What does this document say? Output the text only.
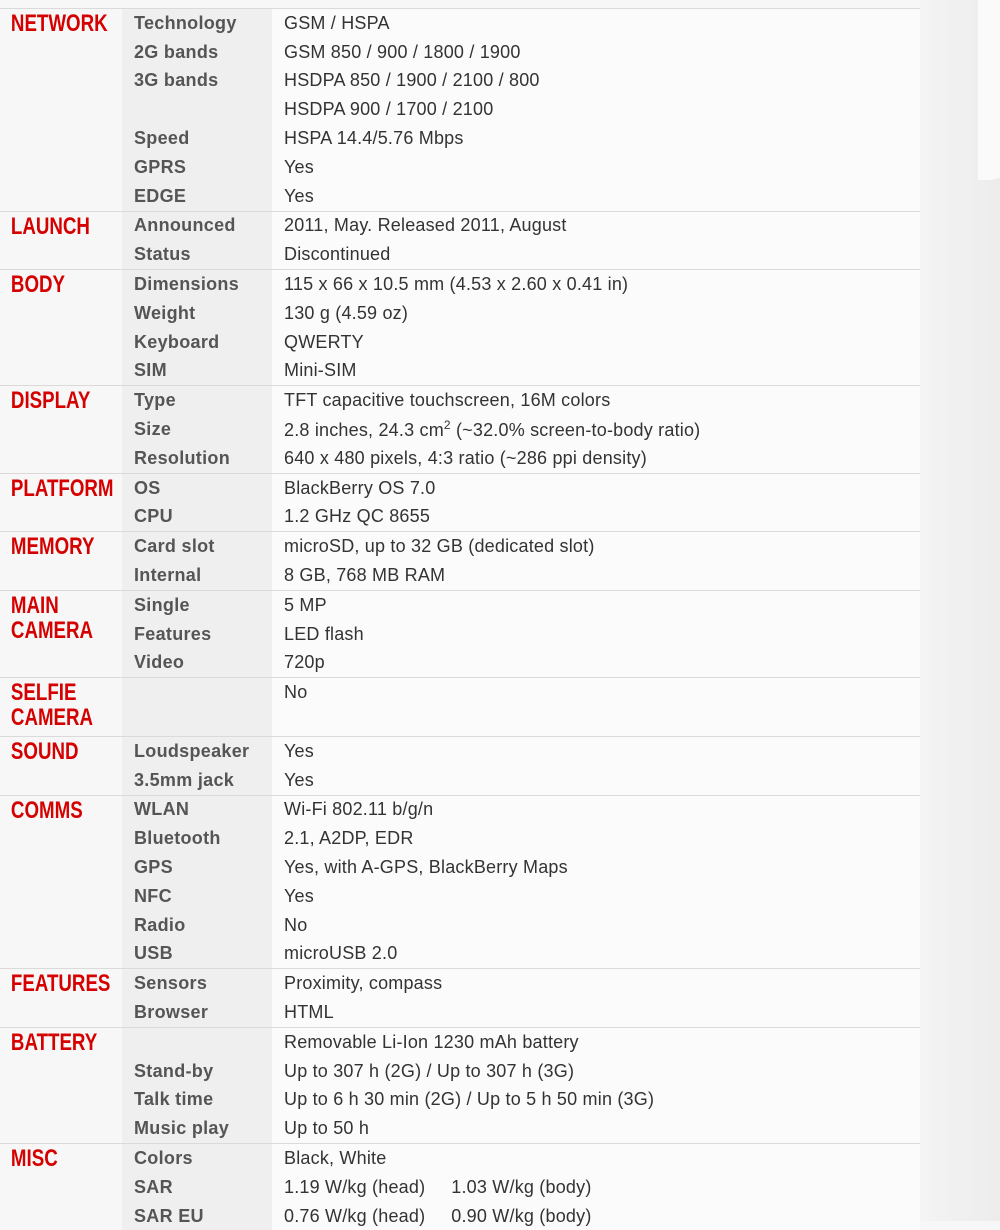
NETWORK	Technology	GSM / HSPA
	2G bands	GSM 850 / 900 / 1800 / 1900
	3G bands	HSDPA 850 / 1900 / 2100 / 800
		HSDPA 900 / 1700 / 2100
	Speed	HSPA 14.4/5.76 Mbps
	GPRS	Yes
	EDGE	Yes
LAUNCH	Announced	2011, May. Released 2011, August
	Status	Discontinued
BODY	Dimensions	115 x 66 x 10.5 mm (4.53 x 2.60 x 0.41 in)
	Weight	130 g (4.59 oz)
	Keyboard	QWERTY
	SIM	Mini-SIM
DISPLAY	Type	TFT capacitive touchscreen, 16M colors
	Size	2.8 inches, 24.3 $cm^2$ (~32.0% screen-to-body ratio)
	Resolution	640 x 480 pixels, 4:3 ratio (~286 ppi density)
PLATFORM	OS	BlackBerry OS 7.0
	CPU	1.2 GHz QC 8655
MEMORY	Card slot	microSD, up to 32 GB (dedicated slot)
	Internal	8 GB, 768 MB RAM
MAIN
CAMERA	Single	5 MP
	Features	LED flash
	Video	720p
SELFIE
CAMERA		No

SOUND	Loudspeaker	Yes
	3.5mm jack	Yes
COMMS	WLAN	Wi-Fi 802.11 b/g/n
	Bluetooth	2.1, A2DP, EDR
	GPS	Yes, with A-GPS, BlackBerry Maps
	NFC	Yes
	Radio	No
	USB	microUSB 2.0
FEATURES	Sensors	Proximity, compass
	Browser	HTML
BATTERY		Removable Li-Ion 1230 mAh battery
	Stand-by	Up to 307 h (2G) / Up to 307 h (3G)
	Talk time	Up to 6 h 30 min (2G) / Up to 5 h 50 min (3G)
	Music play	Up to 50 h
MISC	Colors	Black, White
	SAR	1.19 W/kg (head)     1.03 W/kg (body)
	SAR EU	0.76 W/kg (head)     0.90 W/kg (body)
